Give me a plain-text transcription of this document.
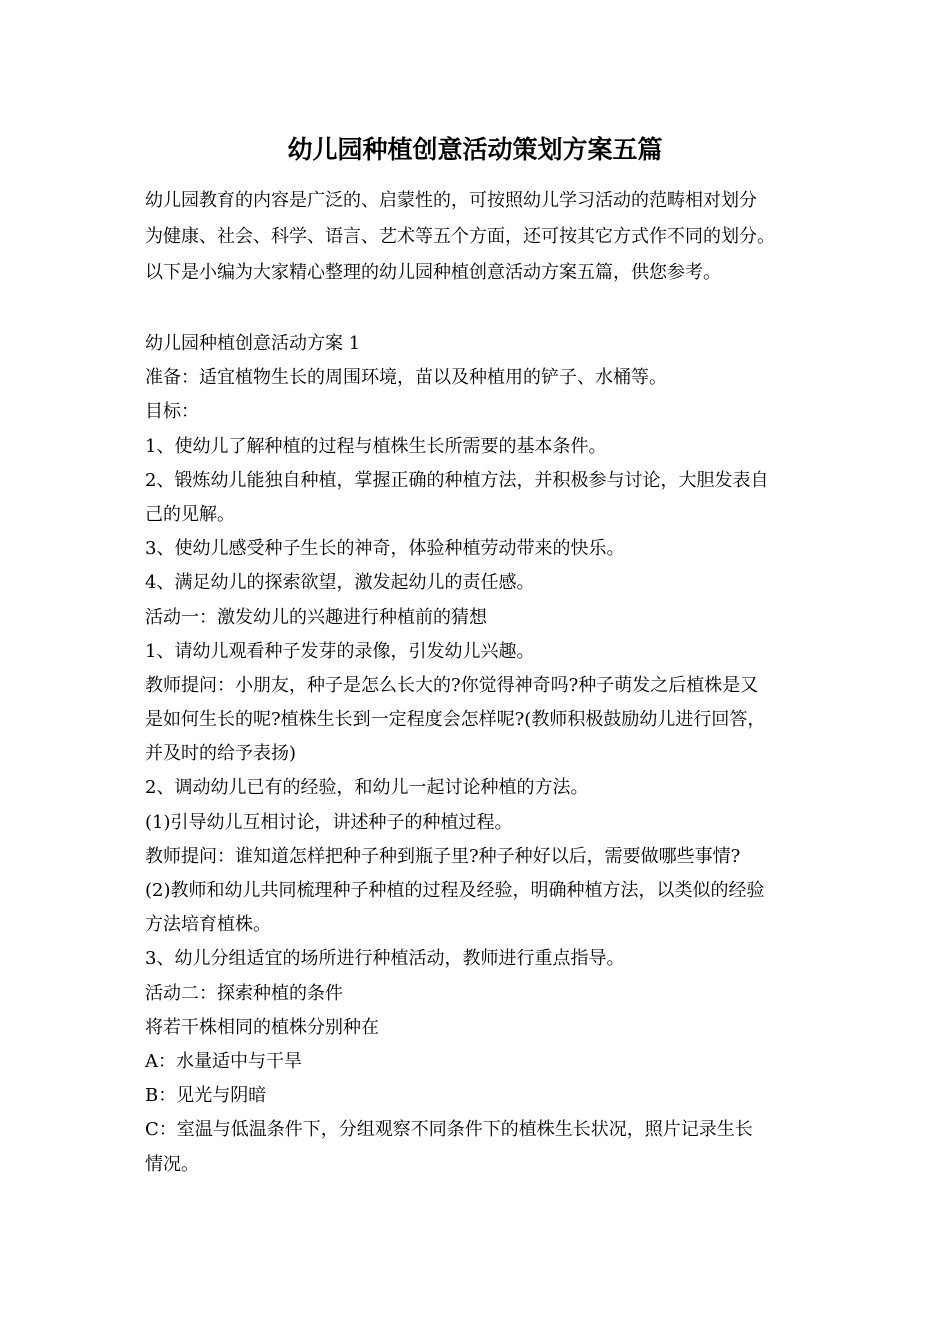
幼儿园种植创意活动策划方案五篇
幼儿园教育的内容是广泛的、启蒙性的，可按照幼儿学习活动的范畴相对划分
为健康、社会、科学、语言、艺术等五个方面，还可按其它方式作不同的划分。
以下是小编为大家精心整理的幼儿园种植创意活动方案五篇，供您参考。
幼儿园种植创意活动方案 1
准备：适宜植物生长的周围环境，苗以及种植用的铲子、水桶等。
目标：
1、使幼儿了解种植的过程与植株生长所需要的基本条件。
2、锻炼幼儿能独自种植，掌握正确的种植方法，并积极参与讨论，大胆发表自
己的见解。
3、使幼儿感受种子生长的神奇，体验种植劳动带来的快乐。
4、满足幼儿的探索欲望，激发起幼儿的责任感。
活动一：激发幼儿的兴趣进行种植前的猜想
1、请幼儿观看种子发芽的录像，引发幼儿兴趣。
教师提问：小朋友，种子是怎么长大的?你觉得神奇吗?种子萌发之后植株是又
是如何生长的呢?植株生长到一定程度会怎样呢?(教师积极鼓励幼儿进行回答，
并及时的给予表扬)
2、调动幼儿已有的经验，和幼儿一起讨论种植的方法。
(1)引导幼儿互相讨论，讲述种子的种植过程。
教师提问：谁知道怎样把种子种到瓶子里?种子种好以后，需要做哪些事情?
(2)教师和幼儿共同梳理种子种植的过程及经验，明确种植方法，以类似的经验
方法培育植株。
3、幼儿分组适宜的场所进行种植活动，教师进行重点指导。
活动二：探索种植的条件
将若干株相同的植株分别种在
A：水量适中与干旱
B：见光与阴暗
C：室温与低温条件下，分组观察不同条件下的植株生长状况，照片记录生长
情况。
